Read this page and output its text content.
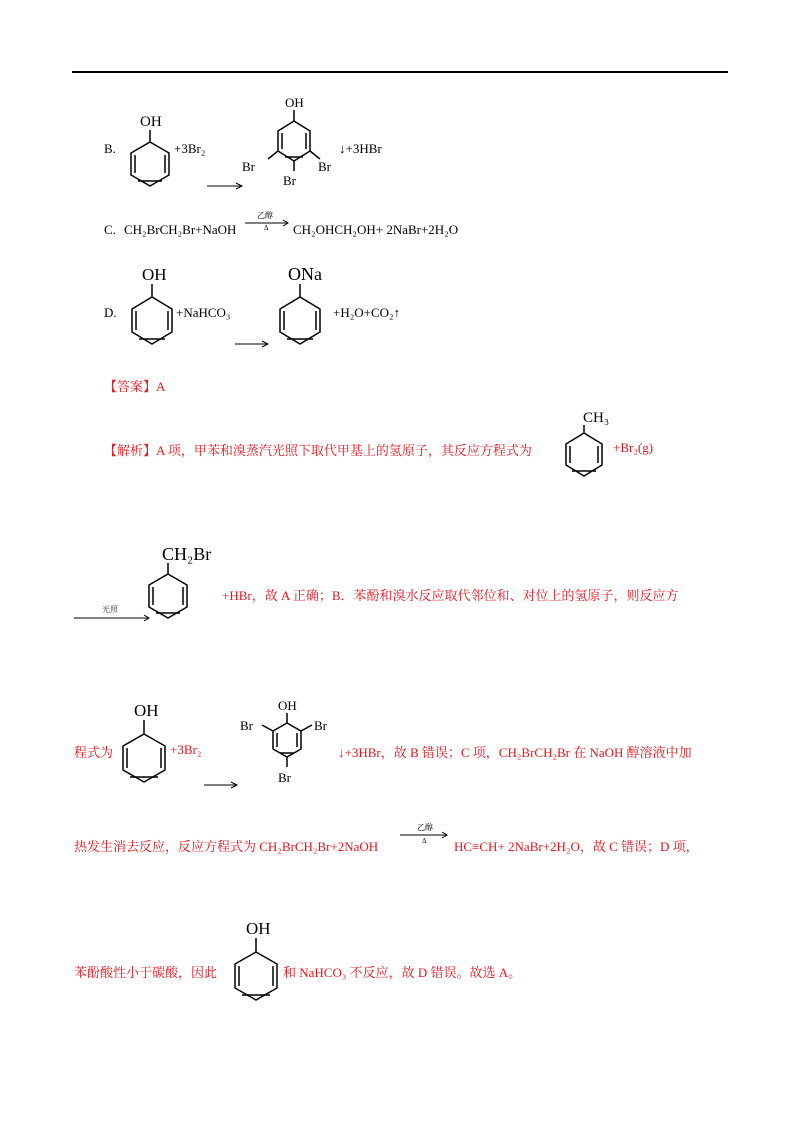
B.
OH
+3Br₂
OH
Br	Br
Br
↓+3HBr
C. CH₂BrCH₂Br+NaOH
乙醇
Δ CH₂OHCH₂OH+ 2NaBr+2H₂O
D.
OH
+NaHCO₃
ONa
+H₂O+CO₂↑
【答案】A
【解析】A 项，甲苯和溴蒸汽光照下取代甲基上的氢原子，其反应方程式为
CH₃
+Br₂(g)
光照
CH₂Br
+HBr，故 A 正确；B．苯酚和溴水反应取代邻位和、对位上的氢原子，则反应方
程式为
OH
+3Br₂
OH
Br	Br
Br
↓+3HBr，故 B 错误；C 项，CH₂BrCH₂Br 在 NaOH 醇溶液中加
热发生消去反应，反应方程式为 CH₂BrCH₂Br+2NaOH
乙醇
Δ HC≡CH+ 2NaBr+2H₂O，故 C 错误；D 项，
苯酚酸性小于碳酸，因此
OH
和 NaHCO₃ 不反应，故 D 错误。故选 A。
